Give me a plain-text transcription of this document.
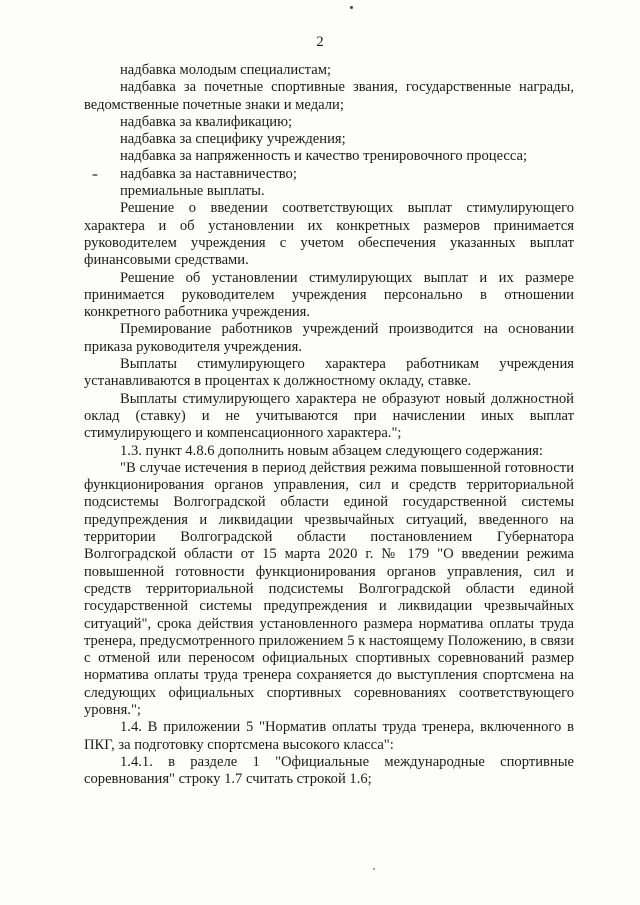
2

надбавка молодым специалистам;

надбавка за почетные спортивные звания, государственные награды, ведомственные почетные знаки и медали;

надбавка за квалификацию;

надбавка за специфику учреждения;

надбавка за напряженность и качество тренировочного процесса;

надбавка за наставничество;

премиальные выплаты.

Решение о введении соответствующих выплат стимулирующего характера и об установлении их конкретных размеров принимается руководителем учреждения с учетом обеспечения указанных выплат финансовыми средствами.

Решение об установлении стимулирующих выплат и их размере принимается руководителем учреждения персонально в отношении конкретного работника учреждения.

Премирование работников учреждений производится на основании приказа руководителя учреждения.

Выплаты стимулирующего характера работникам учреждения устанавливаются в процентах к должностному окладу, ставке.

Выплаты стимулирующего характера не образуют новый должностной оклад (ставку) и не учитываются при начислении иных выплат стимулирующего и компенсационного характера.";

1.3. пункт 4.8.6 дополнить новым абзацем следующего содержания:

"В случае истечения в период действия режима повышенной готовности функционирования органов управления, сил и средств территориальной подсистемы Волгоградской области единой государственной системы предупреждения и ликвидации чрезвычайных ситуаций, введенного на территории Волгоградской области постановлением Губернатора Волгоградской области от 15 марта 2020 г. № 179 "О введении режима повышенной готовности функционирования органов управления, сил и средств территориальной подсистемы Волгоградской области единой государственной системы предупреждения и ликвидации чрезвычайных ситуаций", срока действия установленного размера норматива оплаты труда тренера, предусмотренного приложением 5 к настоящему Положению, в связи с отменой или переносом официальных спортивных соревнований размер норматива оплаты труда тренера сохраняется до выступления спортсмена на следующих официальных спортивных соревнованиях соответствующего уровня.";

1.4. В приложении 5 "Норматив оплаты труда тренера, включенного в ПКГ, за подготовку спортсмена высокого класса":

1.4.1. в разделе 1 "Официальные международные спортивные соревнования" строку 1.7 считать строкой 1.6;
